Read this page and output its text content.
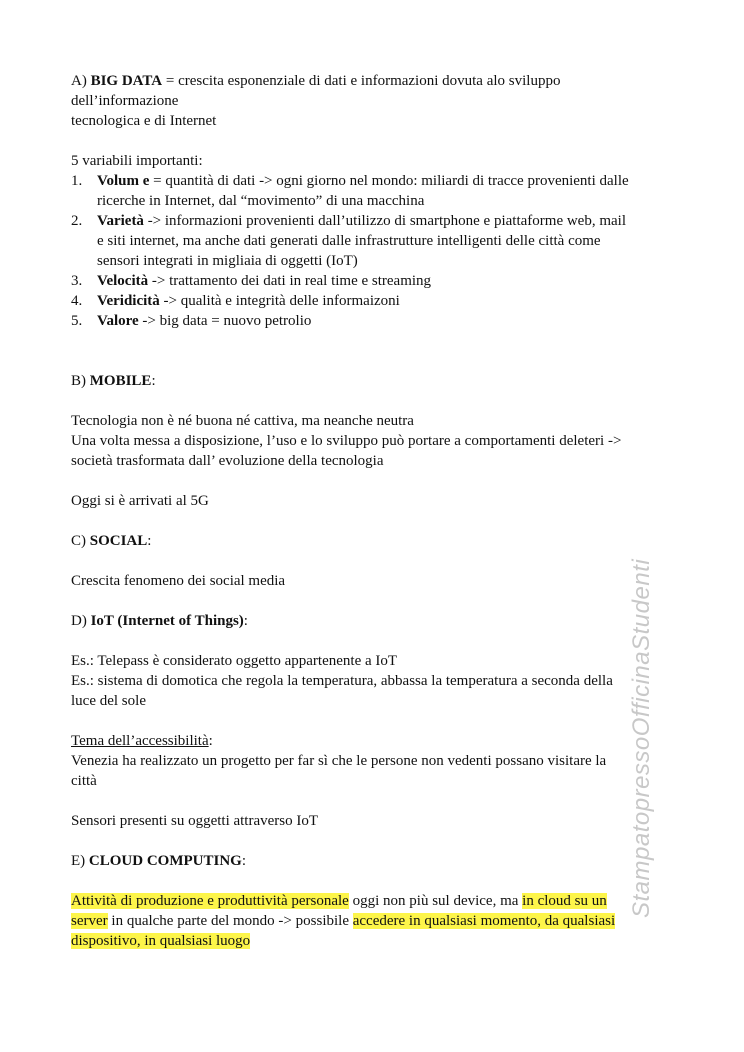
StampatopressoOfficinaStudenti
A) BIG DATA = crescita esponenziale di dati e informazioni dovuta alo sviluppo
dell’informazione
tecnologica e di Internet
5 variabili importanti:
1. Volum e = quantità di dati -> ogni giorno nel mondo: miliardi di tracce provenienti dalle
ricerche in Internet, dal “movimento” di una macchina
2. Varietà -> informazioni provenienti dall’utilizzo di smartphone e piattaforme web, mail
e siti internet, ma anche dati generati dalle infrastrutture intelligenti delle città come
sensori integrati in migliaia di oggetti (IoT)
3. Velocità -> trattamento dei dati in real time e streaming
4. Veridicità -> qualità e integrità delle informaizoni
5. Valore -> big data = nuovo petrolio
B) MOBILE:
Tecnologia non è né buona né cattiva, ma neanche neutra
Una volta messa a disposizione, l’uso e lo sviluppo può portare a comportamenti deleteri ->
società trasformata dall’ evoluzione della tecnologia
Oggi si è arrivati al 5G
C) SOCIAL:
Crescita fenomeno dei social media
D) IoT (Internet of Things):
Es.: Telepass è considerato oggetto appartenente a IoT
Es.: sistema di domotica che regola la temperatura, abbassa la temperatura a seconda della
luce del sole
Tema dell’accessibilità:
Venezia ha realizzato un progetto per far sì che le persone non vedenti possano visitare la
città
Sensori presenti su oggetti attraverso IoT
E) CLOUD COMPUTING:
Attività di produzione e produttività personale oggi non più sul device, ma in cloud su un
server in qualche parte del mondo -> possibile accedere in qualsiasi momento, da qualsiasi
dispositivo, in qualsiasi luogo
